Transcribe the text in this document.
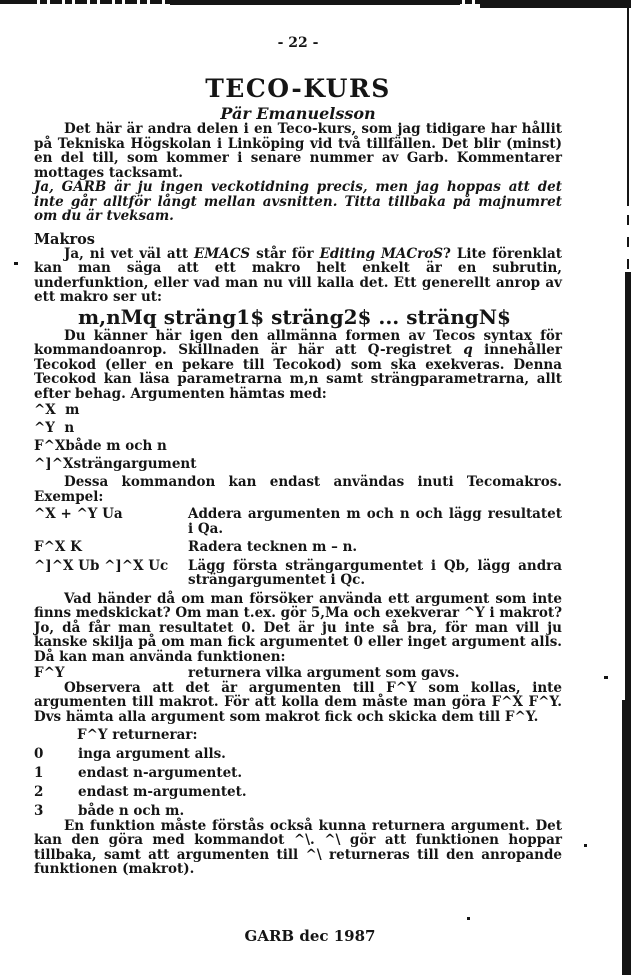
- 22 -
TECO-KURS
Pär Emanuelsson

Det här är andra delen i en Teco-kurs, som jag tidigare har hållit på Tekniska Högskolan i Linköping vid två tillfällen. Det blir (minst) en del till, som kommer i senare nummer av Garb. Kommentarer mottages tacksamt.

Ja, GARB är ju ingen veckotidning precis, men jag hoppas att det inte går alltför långt mellan avsnitten. Titta tillbaka på majnumret om du är tveksam.

Makros

Ja, ni vet väl att EMACS står för Editing MACroS? Lite förenklat kan man säga att ett makro helt enkelt är en subrutin, underfunktion, eller vad man nu vill kalla det. Ett generellt anrop av ett makro ser ut:

m,nMq sträng1$ sträng2$ ... strängN$

Du känner här igen den allmänna formen av Tecos syntax för kommandoanrop. Skillnaden är här att Q-registret q innehåller Tecokod (eller en pekare till Tecokod) som ska exekveras. Denna Tecokod kan läsa parametrarna m,n samt strängparametrarna, allt efter behag. Argumenten hämtas med:

^X  m
^Y  n
F^Xbåde m och n
^]^Xsträngargument

Dessa kommandon kan endast användas inuti Tecomakros. Exempel:

^X + ^Y Ua	Addera argumenten m och n och lägg resultatet i Qa.
F^X K	Radera tecknen m – n.
^]^X Ub ^]^X Uc	Lägg första strängargumentet i Qb, lägg andra strängargumentet i Qc.

Vad händer då om man försöker använda ett argument som inte finns medskickat? Om man t.ex. gör 5,Ma och exekverar ^Y i makrot? Jo, då får man resultatet 0. Det är ju inte så bra, för man vill ju kanske skilja på om man fick argumentet 0 eller inget argument alls. Då kan man använda funktionen:

F^Y	returnera vilka argument som gavs.

Observera att det är argumenten till F^Y som kollas, inte argumenten till makrot. För att kolla dem måste man göra F^X F^Y. Dvs hämta alla argument som makrot fick och skicka dem till F^Y.

F^Y returnerar:
0	inga argument alls.
1	endast n-argumentet.
2	endast m-argumentet.
3	både n och m.

En funktion måste förstås också kunna returnera argument. Det kan den göra med kommandot ^\. ^\ gör att funktionen hoppar tillbaka, samt att argumenten till ^\ returneras till den anropande funktionen (makrot).

GARB dec 1987
